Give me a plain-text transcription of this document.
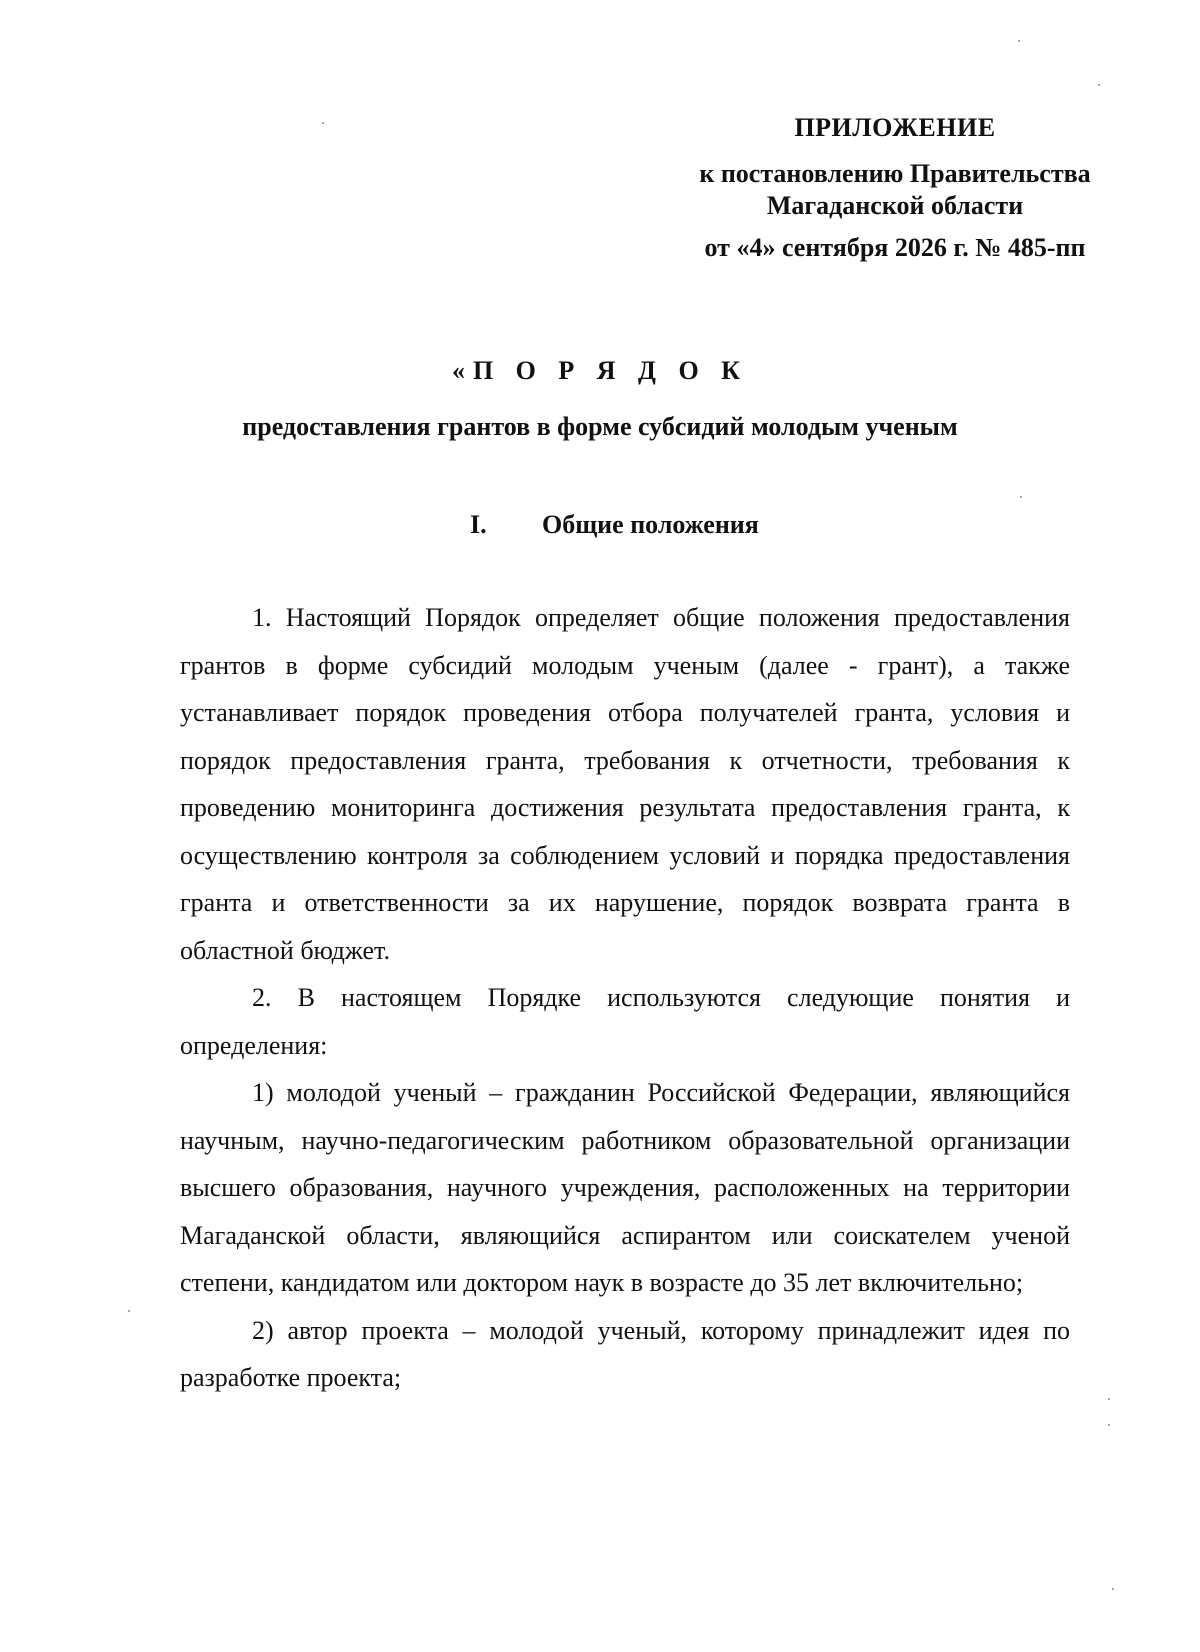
ПРИЛОЖЕНИЕ
к постановлению Правительства
Магаданской области
от «4» сентября 2026 г. № 485-пп
«П О Р Я Д О К
предоставления грантов в форме субсидий молодым ученым
I. Общие положения

1. Настоящий Порядок определяет общие положения предоставления грантов в форме субсидий молодым ученым (далее - грант), а также устанавливает порядок проведения отбора получателей гранта, условия и порядок предоставления гранта, требования к отчетности, требования к проведению мониторинга достижения результата предоставления гранта, к осуществлению контроля за соблюдением условий и порядка предоставления гранта и ответственности за их нарушение, порядок возврата гранта в областной бюджет.

2. В настоящем Порядке используются следующие понятия и определения:

1) молодой ученый – гражданин Российской Федерации, являющийся научным, научно-педагогическим работником образовательной организации высшего образования, научного учреждения, расположенных на территории Магаданской области, являющийся аспирантом или соискателем ученой степени, кандидатом или доктором наук в возрасте до 35 лет включительно;

2) автор проекта – молодой ученый, которому принадлежит идея по разработке проекта;
